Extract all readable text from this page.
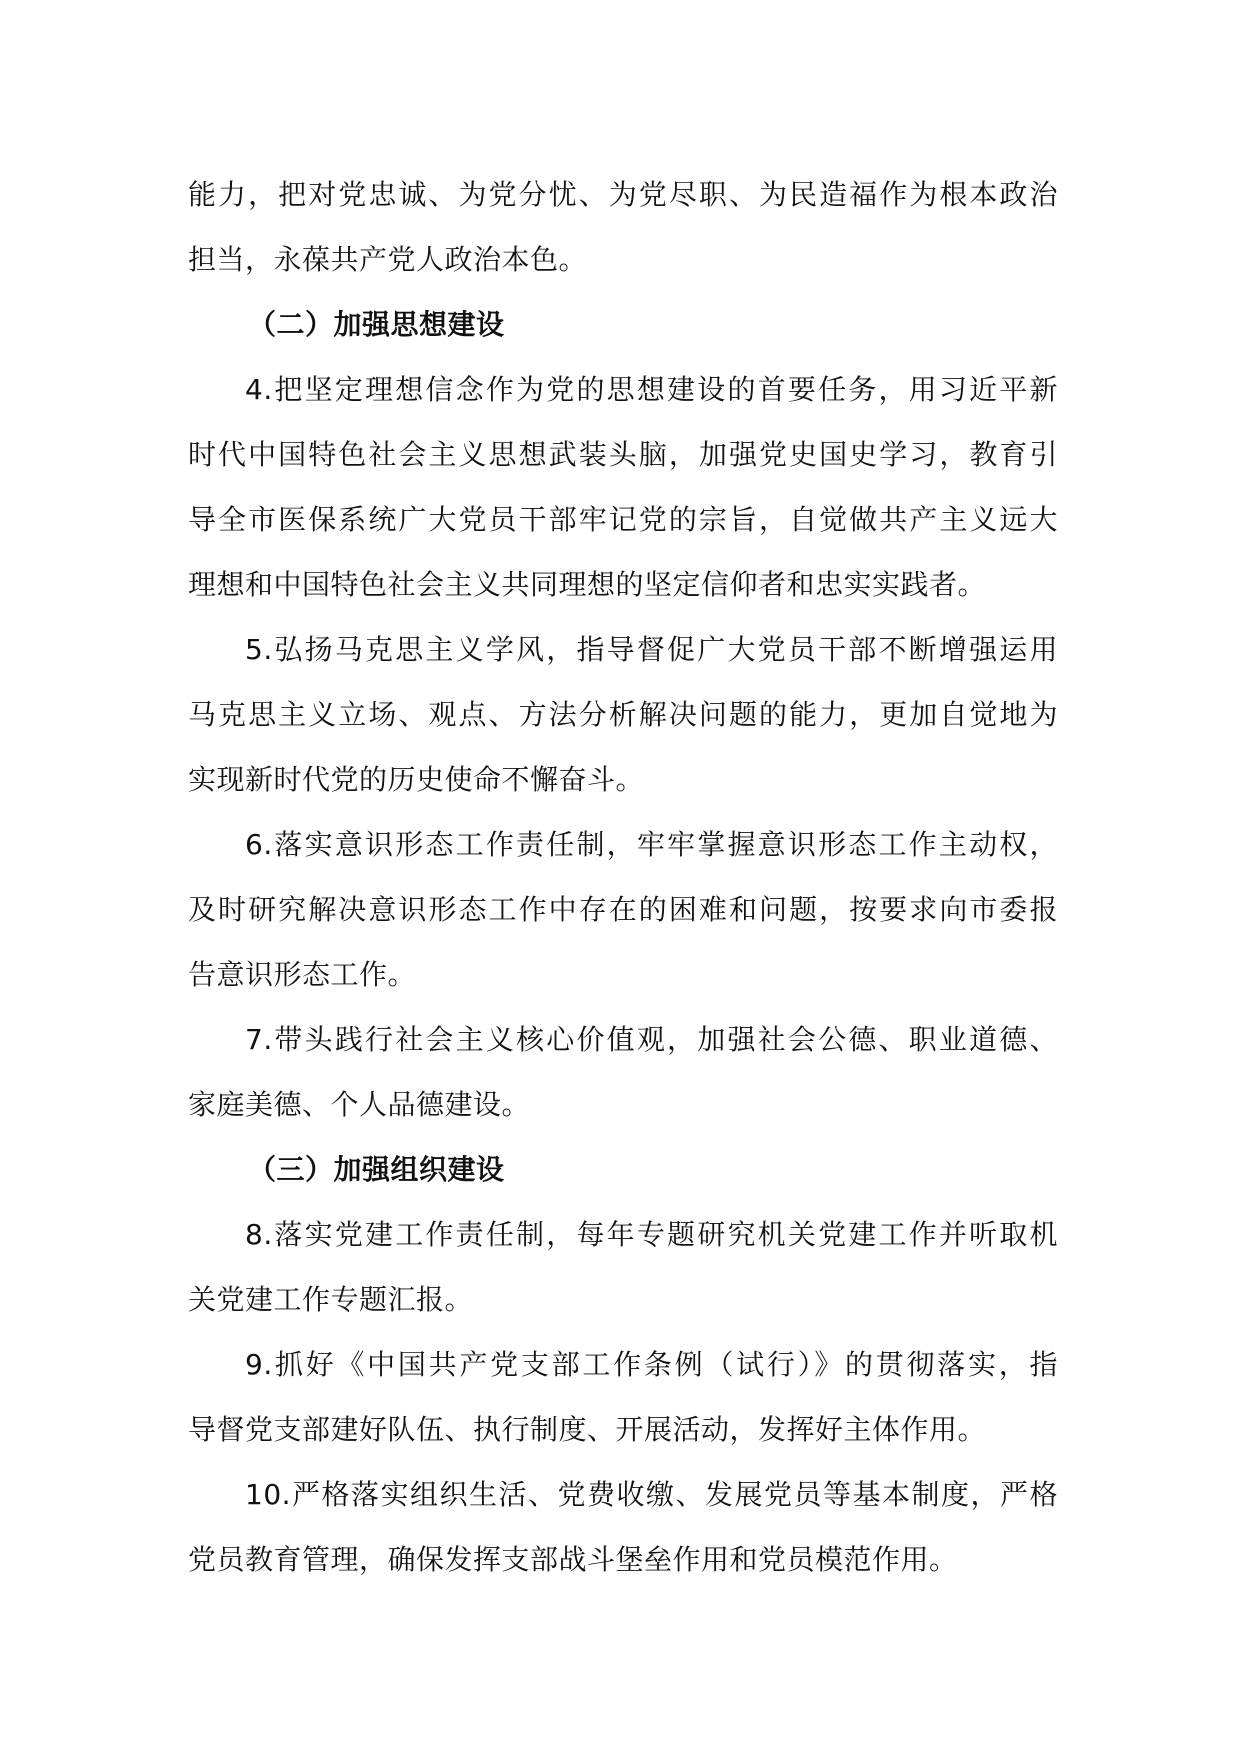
能力，把对党忠诚、为党分忧、为党尽职、为民造福作为根本政治
担当，永葆共产党人政治本色。
（二）加强思想建设
4.把坚定理想信念作为党的思想建设的首要任务，用习近平新
时代中国特色社会主义思想武装头脑，加强党史国史学习，教育引
导全市医保系统广大党员干部牢记党的宗旨，自觉做共产主义远大
理想和中国特色社会主义共同理想的坚定信仰者和忠实实践者。
5.弘扬马克思主义学风，指导督促广大党员干部不断增强运用
马克思主义立场、观点、方法分析解决问题的能力，更加自觉地为
实现新时代党的历史使命不懈奋斗。
6.落实意识形态工作责任制，牢牢掌握意识形态工作主动权，
及时研究解决意识形态工作中存在的困难和问题，按要求向市委报
告意识形态工作。
7.带头践行社会主义核心价值观，加强社会公德、职业道德、
家庭美德、个人品德建设。
（三）加强组织建设
8.落实党建工作责任制，每年专题研究机关党建工作并听取机
关党建工作专题汇报。
9.抓好《中国共产党支部工作条例（试行）》的贯彻落实，指
导督党支部建好队伍、执行制度、开展活动，发挥好主体作用。
10.严格落实组织生活、党费收缴、发展党员等基本制度，严格
党员教育管理，确保发挥支部战斗堡垒作用和党员模范作用。
